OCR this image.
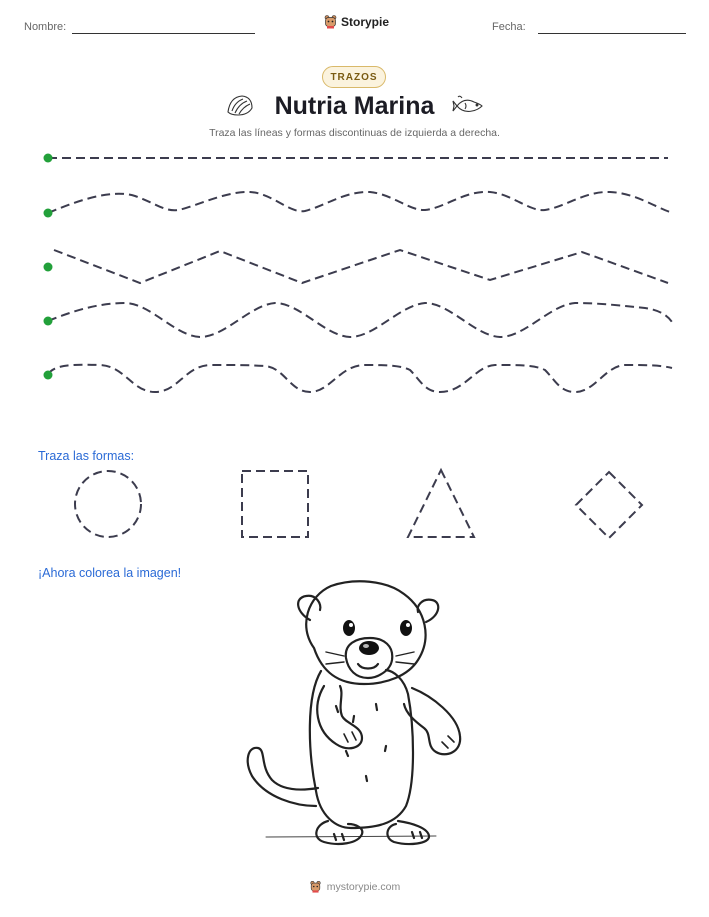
Nombre:	Storypie	Fecha:
TRAZOS
Nutria Marina
Traza las líneas y formas discontinuas de izquierda a derecha.
Traza las formas:
¡Ahora colorea la imagen!
mystorypie.com
